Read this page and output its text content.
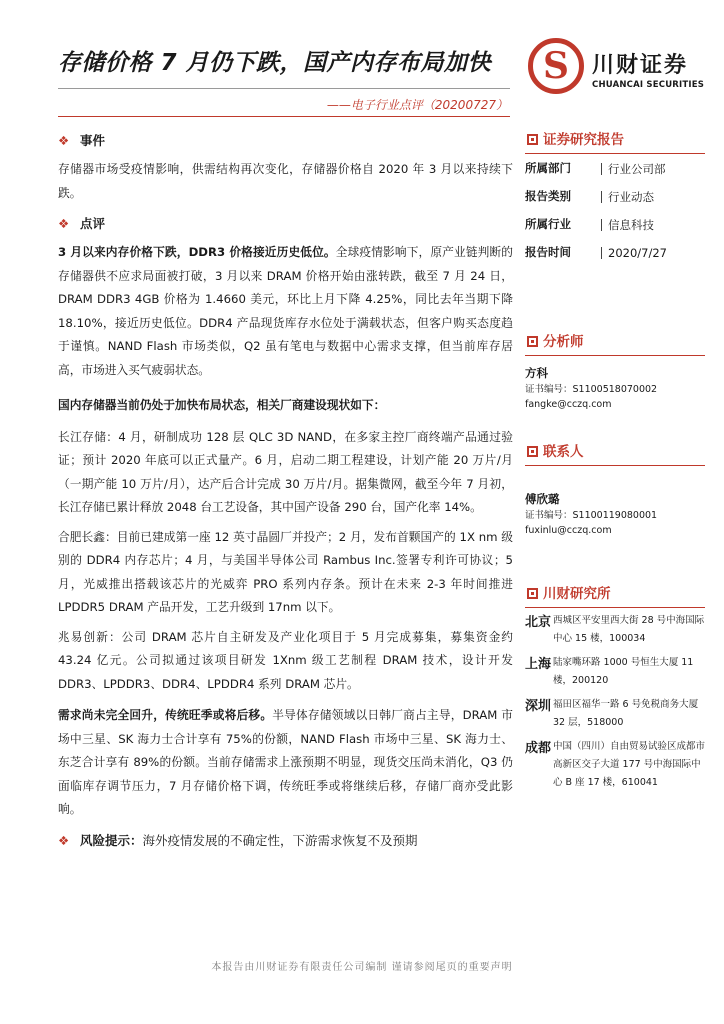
存储价格 7 月仍下跌，国产内存布局加快
——电子行业点评（20200727）
S	川财证券
CHUANCAI SECURITIES
❖ 事件
存储器市场受疫情影响，供需结构再次变化，存储器价格自 2020 年 3 月以来持续下跌。
❖ 点评
3 月以来内存价格下跌，DDR3 价格接近历史低位。全球疫情影响下，原产业链判断的存储器供不应求局面被打破，3 月以来 DRAM 价格开始由涨转跌，截至 7 月 24 日，DRAM DDR3 4GB 价格为 1.4660 美元，环比上月下降 4.25%，同比去年当期下降 18.10%，接近历史低位。DDR4 产品现货库存水位处于满载状态，但客户购买态度趋于谨慎。NAND Flash 市场类似，Q2 虽有笔电与数据中心需求支撑，但当前库存居高，市场进入买气疲弱状态。
国内存储器当前仍处于加快布局状态，相关厂商建设现状如下：
长江存储：4 月，研制成功 128 层 QLC 3D NAND，在多家主控厂商终端产品通过验证；预计 2020 年底可以正式量产。6 月，启动二期工程建设，计划产能 20 万片/月（一期产能 10 万片/月），达产后合计完成 30 万片/月。据集微网，截至今年 7 月初，长江存储已累计释放 2048 台工艺设备，其中国产设备 290 台，国产化率 14%。
合肥长鑫：目前已建成第一座 12 英寸晶圆厂并投产；2 月，发布首颗国产的 1X nm 级别的 DDR4 内存芯片；4 月，与美国半导体公司 Rambus Inc.签署专利许可协议；5 月，光威推出搭载该芯片的光威弈 PRO 系列内存条。预计在未来 2-3 年时间推进 LPDDR5 DRAM 产品开发，工艺升级到 17nm 以下。
兆易创新：公司 DRAM 芯片自主研发及产业化项目于 5 月完成募集，募集资金约 43.24 亿元。公司拟通过该项目研发 1Xnm 级工艺制程 DRAM 技术，设计开发 DDR3、LPDDR3、DDR4、LPDDR4 系列 DRAM 芯片。
需求尚未完全回升，传统旺季或将后移。半导体存储领域以日韩厂商占主导，DRAM 市场中三星、SK 海力士合计享有 75%的份额，NAND Flash 市场中三星、SK 海力士、东芝合计享有 89%的份额。当前存储需求上涨预期不明显，现货交压尚未消化，Q3 仍面临库存调节压力，7 月存储价格下调，传统旺季或将继续后移，存储厂商亦受此影响。
❖ 风险提示：海外疫情发展的不确定性，下游需求恢复不及预期
证券研究报告
所属部门	行业公司部
报告类别	行业动态
所属行业	信息科技
报告时间	2020/7/27
分析师
方科
证书编号：S1100518070002
fangke@cczq.com
联系人
傅欣璐
证书编号：S1100119080001
fuxinlu@cczq.com
川财研究所
北京 西城区平安里西大街 28 号中海国际中心 15 楼，100034
上海 陆家嘴环路 1000 号恒生大厦 11 楼，200120
深圳 福田区福华一路 6 号免税商务大厦 32 层，518000
成都 中国（四川）自由贸易试验区成都市高新区交子大道 177 号中海国际中心 B 座 17 楼，610041
本报告由川财证券有限责任公司编制 谨请参阅尾页的重要声明
